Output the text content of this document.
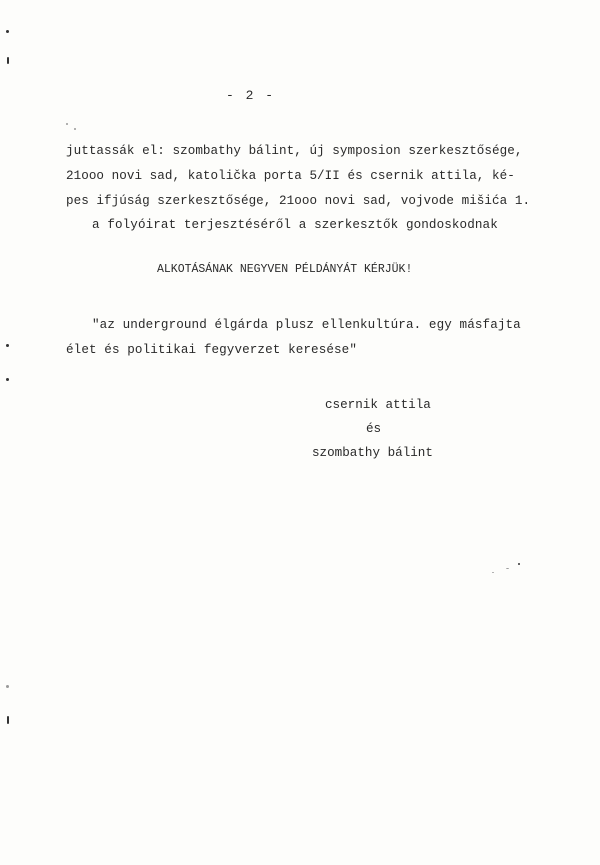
- 2 -
juttassák el: szombathy bálint, új symposion szerkesztősége,
21ooo novi sad, katolička porta 5/II és csernik attila, ké-
pes ifjúság szerkesztősége, 21ooo novi sad, vojvode mišića 1.
a folyóirat terjesztéséről a szerkesztők gondoskodnak
ALKOTÁSÁNAK NEGYVEN PÉLDÁNYÁT KÉRJÜK!
"az underground élgárda plusz ellenkultúra. egy másfajta
élet és politikai fegyverzet keresése"
csernik attila
és
szombathy bálint
